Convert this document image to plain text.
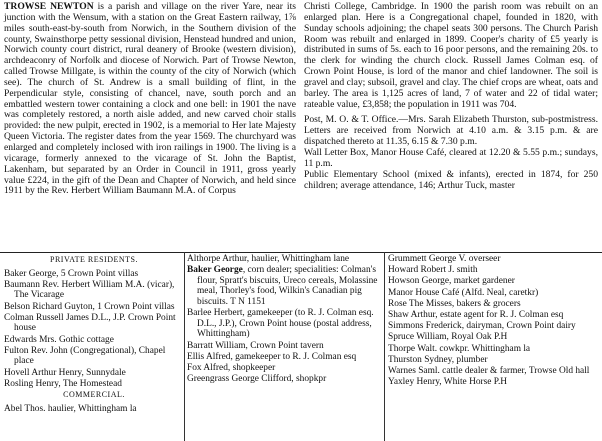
TROWSE NEWTON is a parish and village on the river Yare, near its junction with the Wensum, with a station on the Great Eastern railway, 1⅞ miles south-east-by-south from Norwich, in the Southern division of the county, Swainsthorpe petty sessional division, Henstead hundred and union, Norwich county court district, rural deanery of Brooke (western division), archdeaconry of Norfolk and diocese of Norwich. Part of Trowse Newton, called Trowse Millgate, is within the county of the city of Norwich (which see). The church of St. Andrew is a small building of flint, in the Perpendicular style, consisting of chancel, nave, south porch and an embattled western tower containing a clock and one bell: in 1901 the nave was completely restored, a north aisle added, and new carved choir stalls provided: the new pulpit, erected in 1902, is a memorial to Her late Majesty Queen Victoria. The register dates from the year 1569. The churchyard was enlarged and completely inclosed with iron railings in 1900. The living is a vicarage, formerly annexed to the vicarage of St. John the Baptist, Lakenham, but separated by an Order in Council in 1911, gross yearly value £224, in the gift of the Dean and Chapter of Norwich, and held since 1911 by the Rev. Herbert William Baumann M.A. of Corpus

Christi College, Cambridge. In 1900 the parish room was rebuilt on an enlarged plan. Here is a Congregational chapel, founded in 1820, with Sunday schools adjoining; the chapel seats 300 persons. The Church Parish Room was rebuilt and enlarged in 1899. Cooper's charity of £5 yearly is distributed in sums of 5s. each to 16 poor persons, and the remaining 20s. to the clerk for winding the church clock. Russell James Colman esq. of Crown Point House, is lord of the manor and chief landowner. The soil is gravel and clay; subsoil, gravel and clay. The chief crops are wheat, oats and barley. The area is 1,125 acres of land, 7 of water and 22 of tidal water; rateable value, £3,858; the population in 1911 was 704.

Post, M. O. & T. Office.—Mrs. Sarah Elizabeth Thurston, sub-postmistress. Letters are received from Norwich at 4.10 a.m. & 3.15 p.m. & are dispatched thereto at 11.35, 6.15 & 7.30 p.m.

Wall Letter Box, Manor House Café, cleared at 12.20 & 5.55 p.m.; sundays, 11 p.m.

Public Elementary School (mixed & infants), erected in 1874, for 250 children; average attendance, 146; Arthur Tuck, master

PRIVATE RESIDENTS.

Baker George, 5 Crown Point villas

Baumann Rev. Herbert William M.A. (vicar), The Vicarage

Belson Richard Guyton, 1 Crown Point villas

Colman Russell James D.L., J.P. Crown Point house

Edwards Mrs. Gothic cottage

Fulton Rev. John (Congregational), Chapel place

Hovell Arthur Henry, Sunnydale

Rosling Henry, The Homestead

COMMERCIAL.

Abel Thos. haulier, Whittingham la

Althorpe Arthur, haulier, Whittingham lane

Baker George, corn dealer; specialities: Colman's flour, Spratt's biscuits, Ureco cereals, Molassine meal, Thorley's food, Wilkin's Canadian pig biscuits. T N 1151

Barlee Herbert, gamekeeper (to R. J. Colman esq. D.L., J.P.), Crown Point house (postal address, Whittingham)

Barratt William, Crown Point tavern

Ellis Alfred, gamekeeper to R. J. Colman esq

Fox Alfred, shopkeeper

Greengrass George Clifford, shopkpr

Grummett George V. overseer

Howard Robert J. smith

Howson George, market gardener

Manor House Café (Alfd. Neal, caretkr)

Rose The Misses, bakers & grocers

Shaw Arthur, estate agent for R. J. Colman esq

Simmons Frederick, dairyman, Crown Point dairy

Spruce William, Royal Oak P.H

Thorpe Walt. cowkpr. Whittingham la

Thurston Sydney, plumber

Warnes Saml. cattle dealer & farmer, Trowse Old hall

Yaxley Henry, White Horse P.H
